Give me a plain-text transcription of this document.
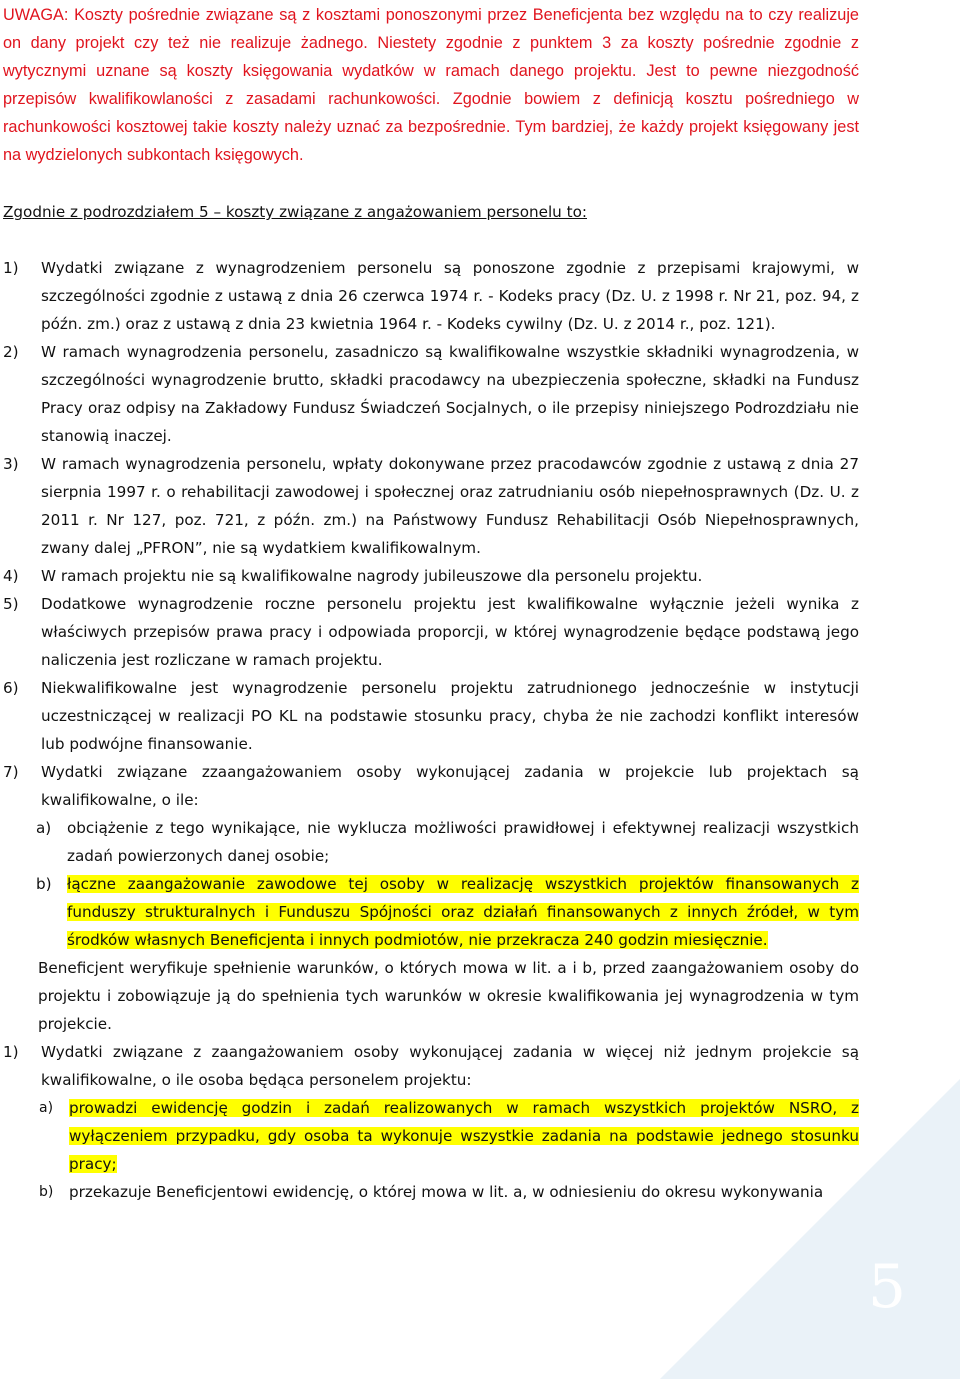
UWAGA: Koszty pośrednie związane są z kosztami ponoszonymi przez Beneficjenta bez względu na to czy realizuje on dany projekt czy też nie realizuje żadnego. Niestety zgodnie z punktem 3 za koszty pośrednie zgodnie z wytycznymi uznane są koszty księgowania wydatków w ramach danego projektu. Jest to pewne niezgodność przepisów kwalifikowlaności z zasadami rachunkowości. Zgodnie bowiem z definicją kosztu pośredniego w rachunkowości kosztowej takie koszty należy uznać za bezpośrednie. Tym bardziej, że każdy projekt księgowany jest na wydzielonych subkontach księgowych.

Zgodnie z podrozdziałem 5 – koszty związane z angażowaniem personelu to:

1) Wydatki związane z wynagrodzeniem personelu są ponoszone zgodnie z przepisami krajowymi, w szczególności zgodnie z ustawą z dnia 26 czerwca 1974 r. - Kodeks pracy (Dz. U. z 1998 r. Nr 21, poz. 94, z późn. zm.) oraz z ustawą z dnia 23 kwietnia 1964 r. - Kodeks cywilny (Dz. U. z 2014 r., poz. 121).
2) W ramach wynagrodzenia personelu, zasadniczo są kwalifikowalne wszystkie składniki wynagrodzenia, w szczególności wynagrodzenie brutto, składki pracodawcy na ubezpieczenia społeczne, składki na Fundusz Pracy oraz odpisy na Zakładowy Fundusz Świadczeń Socjalnych, o ile przepisy niniejszego Podrozdziału nie stanowią inaczej.
3) W ramach wynagrodzenia personelu, wpłaty dokonywane przez pracodawców zgodnie z ustawą z dnia 27 sierpnia 1997 r. o rehabilitacji zawodowej i społecznej oraz zatrudnianiu osób niepełnosprawnych (Dz. U. z 2011 r. Nr 127, poz. 721, z późn. zm.) na Państwowy Fundusz Rehabilitacji Osób Niepełnosprawnych, zwany dalej „PFRON”, nie są wydatkiem kwalifikowalnym.
4) W ramach projektu nie są kwalifikowalne nagrody jubileuszowe dla personelu projektu.
5) Dodatkowe wynagrodzenie roczne personelu projektu jest kwalifikowalne wyłącznie jeżeli wynika z właściwych przepisów prawa pracy i odpowiada proporcji, w której wynagrodzenie będące podstawą jego naliczenia jest rozliczane w ramach projektu.
6) Niekwalifikowalne jest wynagrodzenie personelu projektu zatrudnionego jednocześnie w instytucji uczestniczącej w realizacji PO KL na podstawie stosunku pracy, chyba że nie zachodzi konflikt interesów lub podwójne finansowanie.
7) Wydatki związane zzaangażowaniem osoby wykonującej zadania w projekcie lub projektach są kwalifikowalne, o ile:
a) obciążenie z tego wynikające, nie wyklucza możliwości prawidłowej i efektywnej realizacji wszystkich zadań powierzonych danej osobie;
b) łączne zaangażowanie zawodowe tej osoby w realizację wszystkich projektów finansowanych z funduszy strukturalnych i Funduszu Spójności oraz działań finansowanych z innych źródeł, w tym środków własnych Beneficjenta i innych podmiotów, nie przekracza 240 godzin miesięcznie.
Beneficjent weryfikuje spełnienie warunków, o których mowa w lit. a i b, przed zaangażowaniem osoby do projektu i zobowiązuje ją do spełnienia tych warunków w okresie kwalifikowania jej wynagrodzenia w tym projekcie.
1) Wydatki związane z zaangażowaniem osoby wykonującej zadania w więcej niż jednym projekcie są kwalifikowalne, o ile osoba będąca personelem projektu:
a) prowadzi ewidencję godzin i zadań realizowanych w ramach wszystkich projektów NSRO, z wyłączeniem przypadku, gdy osoba ta wykonuje wszystkie zadania na podstawie jednego stosunku pracy;
b) przekazuje Beneficjentowi ewidencję, o której mowa w lit. a, w odniesieniu do okresu wykonywania
5
